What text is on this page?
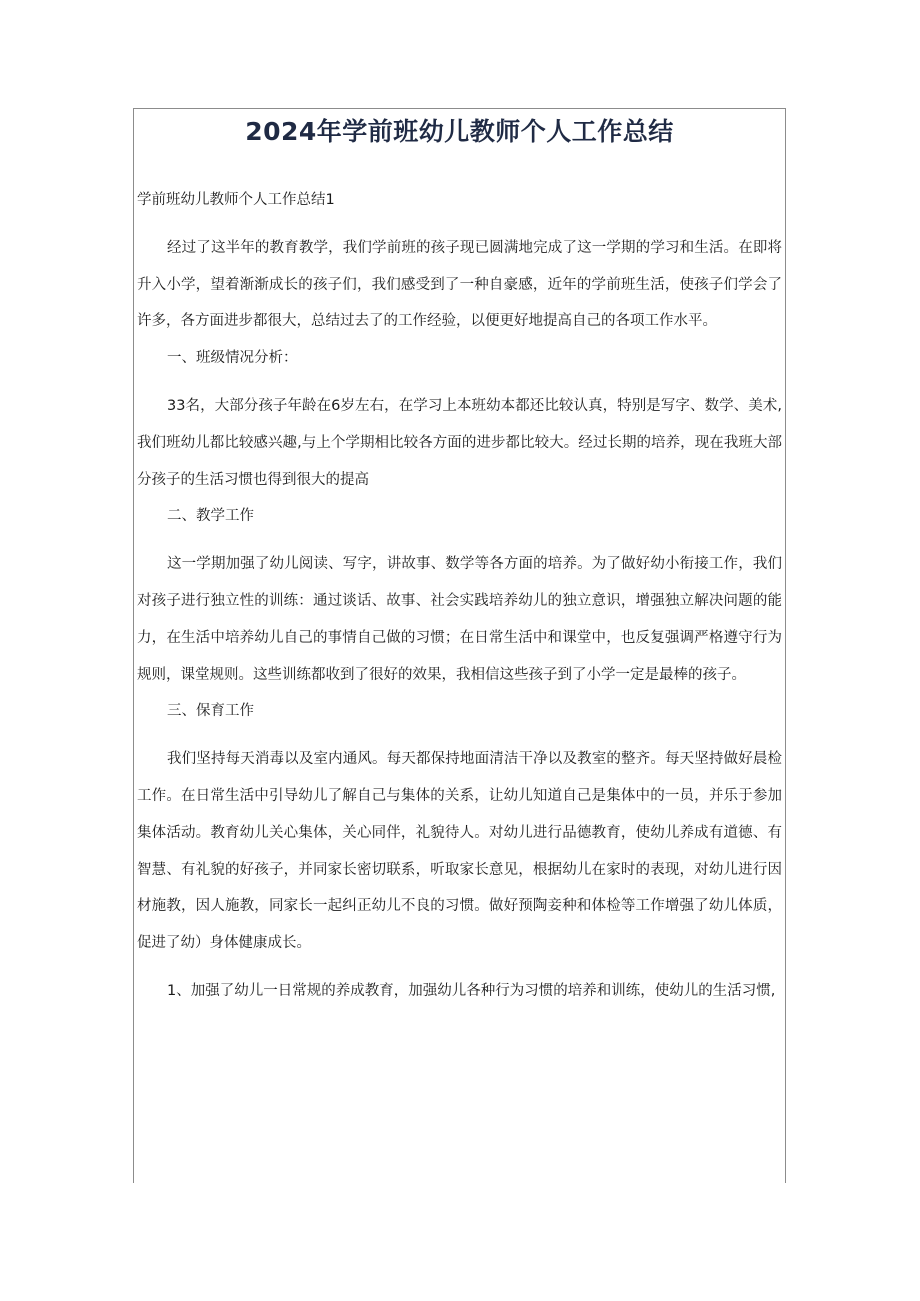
2024年学前班幼儿教师个人工作总结

学前班幼儿教师个人工作总结1

经过了这半年的教育教学，我们学前班的孩子现已圆满地完成了这一学期的学习和生活。在即将升入小学，望着渐渐成长的孩子们，我们感受到了一种自豪感，近年的学前班生活，使孩子们学会了许多，各方面进步都很大，总结过去了的工作经验，以便更好地提高自己的各项工作水平。

一、班级情况分析：

33名，大部分孩子年龄在6岁左右，在学习上本班幼本都还比较认真，特别是写字、数学、美术,我们班幼儿都比较感兴趣,与上个学期相比较各方面的进步都比较大。经过长期的培养，现在我班大部分孩子的生活习惯也得到很大的提高

二、教学工作

这一学期加强了幼儿阅读、写字，讲故事、数学等各方面的培养。为了做好幼小衔接工作，我们对孩子进行独立性的训练：通过谈话、故事、社会实践培养幼儿的独立意识，增强独立解决问题的能力，在生活中培养幼儿自己的事情自己做的习惯；在日常生活中和课堂中，也反复强调严格遵守行为规则，课堂规则。这些训练都收到了很好的效果，我相信这些孩子到了小学一定是最棒的孩子。

三、保育工作

我们坚持每天消毒以及室内通风。每天都保持地面清洁干净以及教室的整齐。每天坚持做好晨检工作。在日常生活中引导幼儿了解自己与集体的关系，让幼儿知道自己是集体中的一员，并乐于参加集体活动。教育幼儿关心集体，关心同伴，礼貌待人。对幼儿进行品德教育，使幼儿养成有道德、有智慧、有礼貌的好孩子，并同家长密切联系，听取家长意见，根据幼儿在家时的表现，对幼儿进行因材施教，因人施教，同家长一起纠正幼儿不良的习惯。做好预陶妾种和体检等工作增强了幼儿体质，促进了幼）身体健康成长。

1、加强了幼儿一日常规的养成教育，加强幼儿各种行为习惯的培养和训练，使幼儿的生活习惯,
